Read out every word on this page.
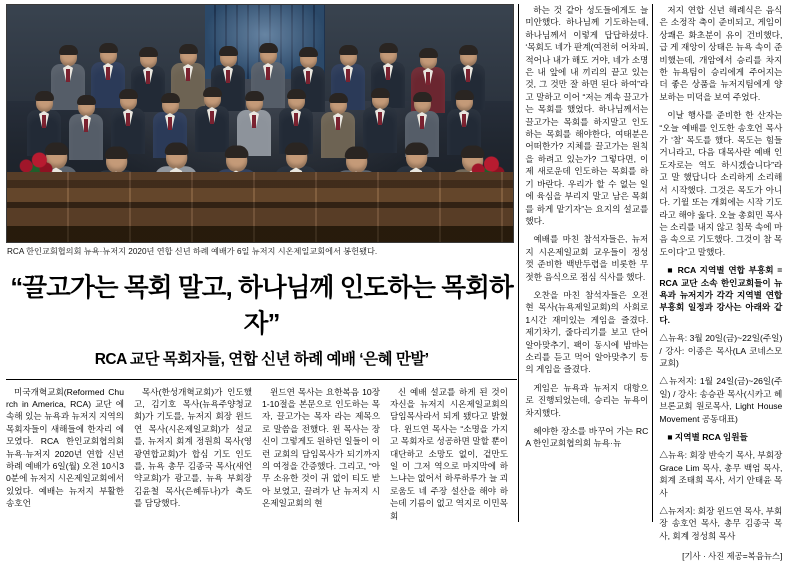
RCA 한인교회협의회 뉴욕·뉴저지 2020년 연합 신년 하례 예배가 6일 뉴저지 시온제일교회에서 봉헌됐다.
“끌고가는 목회 말고, 하나님께 인도하는 목회하자”
RCA 교단 목회자들, 연합 신년 하례 예배 ‘은혜 만발’

미국개혁교회(Reformed Church in America, RCA) 교단 에 속해 있는 뉴욕과 뉴저지 지역의 목회자들이 새해들에 한자리 에 모였다. RCA 한인교회협의회 뉴욕·뉴저지 2020년 연합 신년 하례 예배가 6일(월) 오전 10시30분에 뉴저지 시온제일교회에서 있었다. 예배는 뉴저지 부활한 송호언

목사(한성개혁교회)가 인도했고, 김기호 목사(뉴욕주양청교회)가 기도를, 뉴저지 회장 윈드연 목사(시온제일교회)가 설교를, 뉴저지 회계 정원희 목사(영광연합교회)가 합심 기도 인도를, 뉴욕 총무 김종국 목사(새언약교회)가 광고를, 뉴욕 부회장 김윤철 목사(은혜듀나)가 축도를 담당했다.

윈드연 목사는 요한복음 10장 1-10절을 본문으로 인도하는 목자, 끌고가는 목자 라는 제목으로 말씀을 전했다. 윈 목사는 장신이 그렇게도 원하던 일들이 이런 교회의 담임목사가 되기까지의 여정을 간증했다. 그리고, “아무 소유한 것이 귀 없이 티도 받아 보였고, 끌려가 난 뉴저지 시온제일교회의 현

신 예배 설교를 하게 된 것이 자신을 뉴저지 시온제일교회의 담임목사라서 되게 됐다고 밝혔다. 윈드연 목사는 “소명을 가지고 목회자로 성공하면 말할 뿐이 대단하고 소망도 없이, 겉만도 일 이 그저 역으로 마지막에 하느냐는 없어서 하루하루가 늘 괴로움도 네 주장 설산을 해야 하는데 기름이 없고 역지로 이민목회

하는 것 같아 성도들에게도 늘 미안했다. 하나님께 기도하는데, 하나님께서 이렇게 답답하셨다. ‘목회도 네가 판계(여전히 어차피, 적어나 내가 해도 거야, 네가 소명은 내 앞에 내 끼리의 끝고 있는 것, 그 것만 잘 하면 된다 하여”라고 말하고 이어 “저는 계속 끌고가는 목회를 했었다. 하나님께서는 끌고가는 목회를 하지말고 인도하는 목회를 해야한다, 여태분은 어떠한가? 지체를 끌고가는 원칙을 하려고 있는가? 그렇다면, 이제 새로운데 인도하는 목회를 하기 바란다. 우리가 할 수 없는 일에 육심을 부리지 말고 남은 목회를 하게 맡기자”는 요지의 설교를 했다.

예배를 마친 참석자들은, 뉴저지 시온제일교회 교우들이 정성껏 준비한 백반두렵을 비롯한 무젓한 음식으로 점심 식사를 했다.

오찬을 마친 참석자들은 오전 현 목사(뉴욕제일교회)의 사회로 1시간 재미있는 게임을 즐겼다. 제기차기, 줄다리기를 보고 단어 알아맞추기, 팩이 동시에 밤바는 소리를 듣고 먹어 알아맞추기 등의 게임을 즐겼다.

게임은 뉴욕과 뉴저지 대항으로 진행되었는데, 승리는 뉴욕이 차지했다.

헤야한 장소를 바꾸어 가는 RCA 한인교회협의회 뉴욕·뉴

저지 연합 신년 해례식은 음식은 소정작 축이 준비되고, 게임이 상쾌은 화초분이 유이 건비했다, 급 게 재앙이 상태은 뉴욕 속이 준비했는데, 개암에서 승리를 차지한 뉴욕팀이 승리에게 주어지는 더 좋은 상품을 뉴저지팀에게 양보하는 미덕을 보여 주었다.

이날 행사를 준비한 한 산자는 “오늘 예배를 인도한 송호언 목사가 ‘참’ 목도를 했다. 목도는 힘들 거니라고, 다음 대목사란 예배 인도자로는 역도 하시겠습니다”라고 말 했답니다 소리하게 소리해서 시작했다. 그것은 목도가 아니다. 기윌 또는 개회에는 시작 기도라고 해야 옳다. 오늘 총회민 목사는 소리를 내지 않고 침묵 속에 마음 속으로 기도했다. 그것이 참 목도이다”고 말했다.

■ RCA 지역별 연합 부흥회 = RCA 교단 소속 한인교회들이 뉴욕과 뉴저지가 각각 지역별 연합 부흥회 일정과 강사는 아래와 같다.

△뉴욕: 3월 20일(금)~22일(주일) / 강사: 이종은 목사(LA 코네스모교회)

△뉴저지: 1월 24일(금)~26일(주일) / 강사: 송승관 목사(시카고 헤브론교회 원로목사, Light House Movement 공동대표)

■ 지역별 RCA 임원들

△뉴욕: 회장 반숙기 목사, 부회장 Grace Lim 목사, 총무 백엄 목사, 회계 조태희 목사, 서기 안태윤 목사

△뉴저지: 회장 윈드연 목사, 부회장 송호언 목사, 총무 김종국 목사, 회계 정성희 목사

[기사 · 사진 제공=복음뉴스]
